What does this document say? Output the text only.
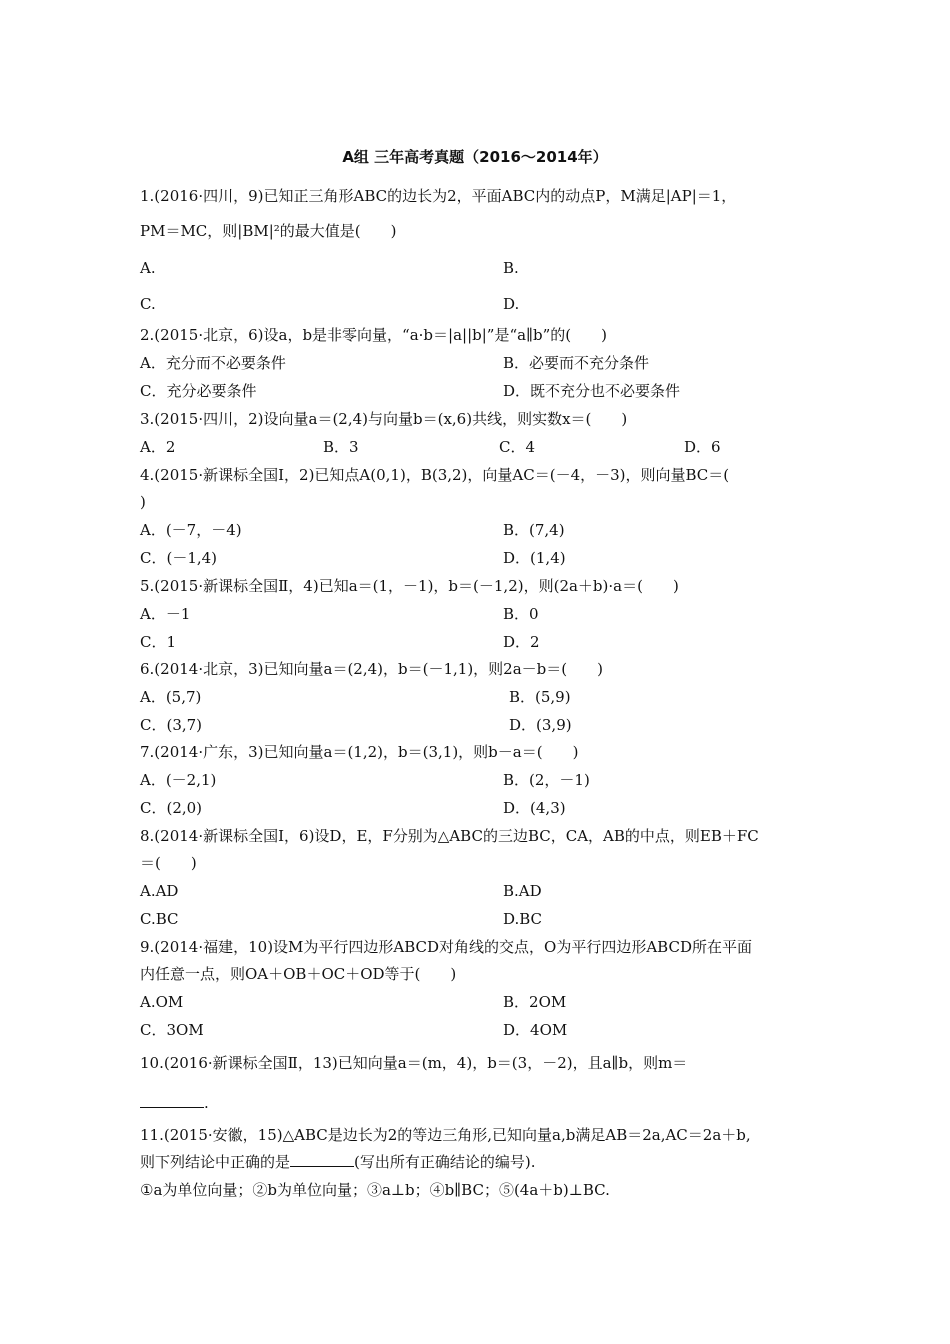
A组 三年高考真题（2016～2014年）
1.(2016·四川，9)已知正三角形ABC的边长为2，平面ABC内的动点P，M满足|AP|＝1，
PM＝MC，则|BM|²的最大值是(　　)
A.	B.
C.	D.
2.(2015·北京，6)设a，b是非零向量，“a·b＝|a||b|”是“a∥b”的(　　)
A．充分而不必要条件	B．必要而不充分条件
C．充分必要条件	D．既不充分也不必要条件
3.(2015·四川，2)设向量a＝(2,4)与向量b＝(x,6)共线，则实数x＝(　　)
A．2	B．3	C．4	D．6
4.(2015·新课标全国Ⅰ，2)已知点A(0,1)，B(3,2)，向量AC＝(－4，－3)，则向量BC＝(
)
A．(－7，－4)	B．(7,4)
C．(－1,4)	D．(1,4)
5.(2015·新课标全国Ⅱ，4)已知a＝(1，－1)，b＝(－1,2)，则(2a＋b)·a＝(　　)
A．－1	B．0
C．1	D．2
6.(2014·北京，3)已知向量a＝(2,4)，b＝(－1,1)，则2a－b＝(　　)
A．(5,7)	B．(5,9)
C．(3,7)	D．(3,9)
7.(2014·广东，3)已知向量a＝(1,2)，b＝(3,1)，则b－a＝(　　)
A．(－2,1)	B．(2，－1)
C．(2,0)	D．(4,3)
8.(2014·新课标全国Ⅰ，6)设D，E，F分别为△ABC的三边BC，CA，AB的中点，则EB＋FC
＝(　　)
A.AD	B.AD
C.BC	D.BC
9.(2014·福建，10)设M为平行四边形ABCD对角线的交点，O为平行四边形ABCD所在平面
内任意一点，则OA＋OB＋OC＋OD等于(　　)
A.OM	B．2OM
C．3OM	D．4OM
10.(2016·新课标全国Ⅱ，13)已知向量a＝(m，4)，b＝(3，－2)，且a∥b，则m＝
.
11.(2015·安徽，15)△ABC是边长为2的等边三角形,已知向量a,b满足AB＝2a,AC＝2a＋b,
则下列结论中正确的是	(写出所有正确结论的编号).
①a为单位向量；②b为单位向量；③a⊥b；④b∥BC；⑤(4a＋b)⊥BC.
